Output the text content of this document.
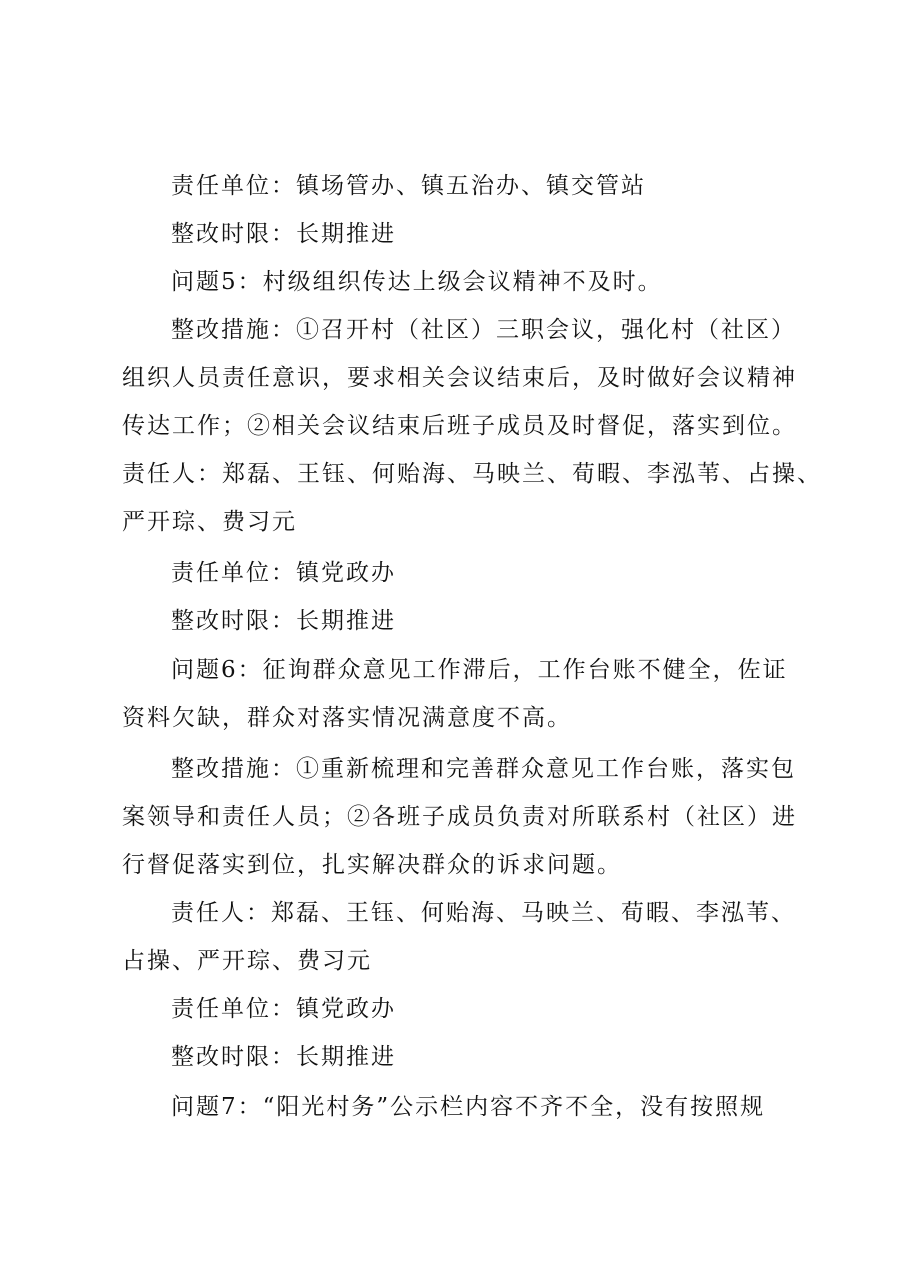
责任单位：镇场管办、镇五治办、镇交管站
整改时限：长期推进
问题5：村级组织传达上级会议精神不及时。
整改措施：①召开村（社区）三职会议，强化村（社区）
组织人员责任意识，要求相关会议结束后，及时做好会议精神
传达工作；②相关会议结束后班子成员及时督促，落实到位。
责任人：郑磊、王钰、何贻海、马映兰、荀暇、李泓苇、占操、
严开琮、费习元
责任单位：镇党政办
整改时限：长期推进
问题6：征询群众意见工作滞后，工作台账不健全，佐证
资料欠缺，群众对落实情况满意度不高。
整改措施：①重新梳理和完善群众意见工作台账，落实包
案领导和责任人员；②各班子成员负责对所联系村（社区）进
行督促落实到位，扎实解决群众的诉求问题。
责任人：郑磊、王钰、何贻海、马映兰、荀暇、李泓苇、
占操、严开琮、费习元
责任单位：镇党政办
整改时限：长期推进
问题7：“阳光村务”公示栏内容不齐不全，没有按照规
